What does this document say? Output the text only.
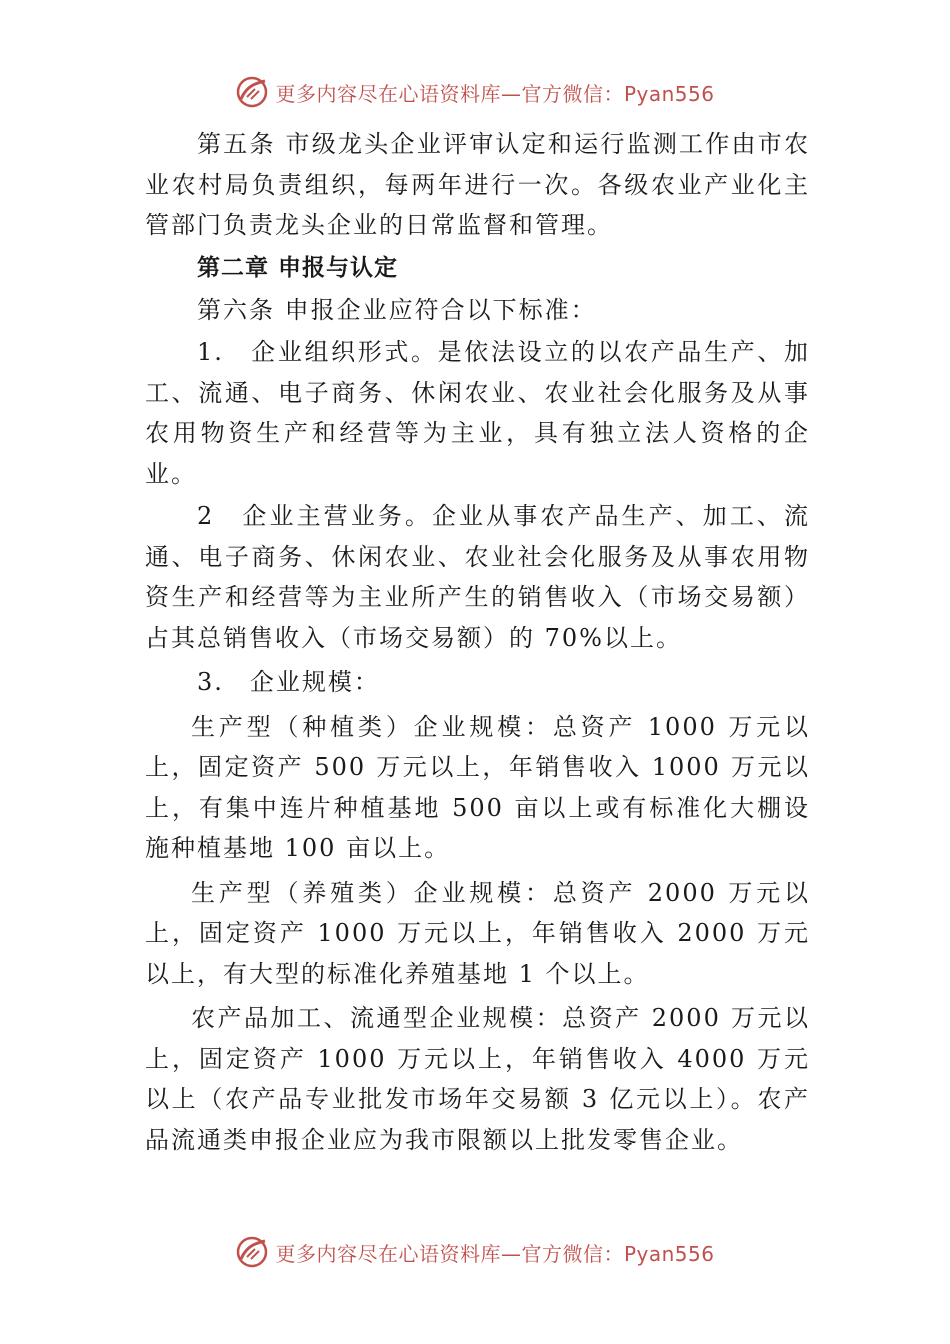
更多内容尽在心语资料库—官方微信：Pyan556

第五条 市级龙头企业评审认定和运行监测工作由市农业农村局负责组织，每两年进行一次。各级农业产业化主管部门负责龙头企业的日常监督和管理。

第二章 申报与认定

第六条 申报企业应符合以下标准：

1.　企业组织形式。是依法设立的以农产品生产、加工、流通、电子商务、休闲农业、农业社会化服务及从事农用物资生产和经营等为主业，具有独立法人资格的企业。

2　企业主营业务。企业从事农产品生产、加工、流通、电子商务、休闲农业、农业社会化服务及从事农用物资生产和经营等为主业所产生的销售收入（市场交易额）占其总销售收入（市场交易额）的 70%以上。

3.　企业规模：

生产型（种植类）企业规模：总资产 1000 万元以上，固定资产 500 万元以上，年销售收入 1000 万元以上，有集中连片种植基地 500 亩以上或有标准化大棚设施种植基地 100 亩以上。

生产型（养殖类）企业规模：总资产 2000 万元以上，固定资产 1000 万元以上，年销售收入 2000 万元以上，有大型的标准化养殖基地 1 个以上。

农产品加工、流通型企业规模：总资产 2000 万元以上，固定资产 1000 万元以上，年销售收入 4000 万元以上（农产品专业批发市场年交易额 3 亿元以上）。农产品流通类申报企业应为我市限额以上批发零售企业。

更多内容尽在心语资料库—官方微信：Pyan556
